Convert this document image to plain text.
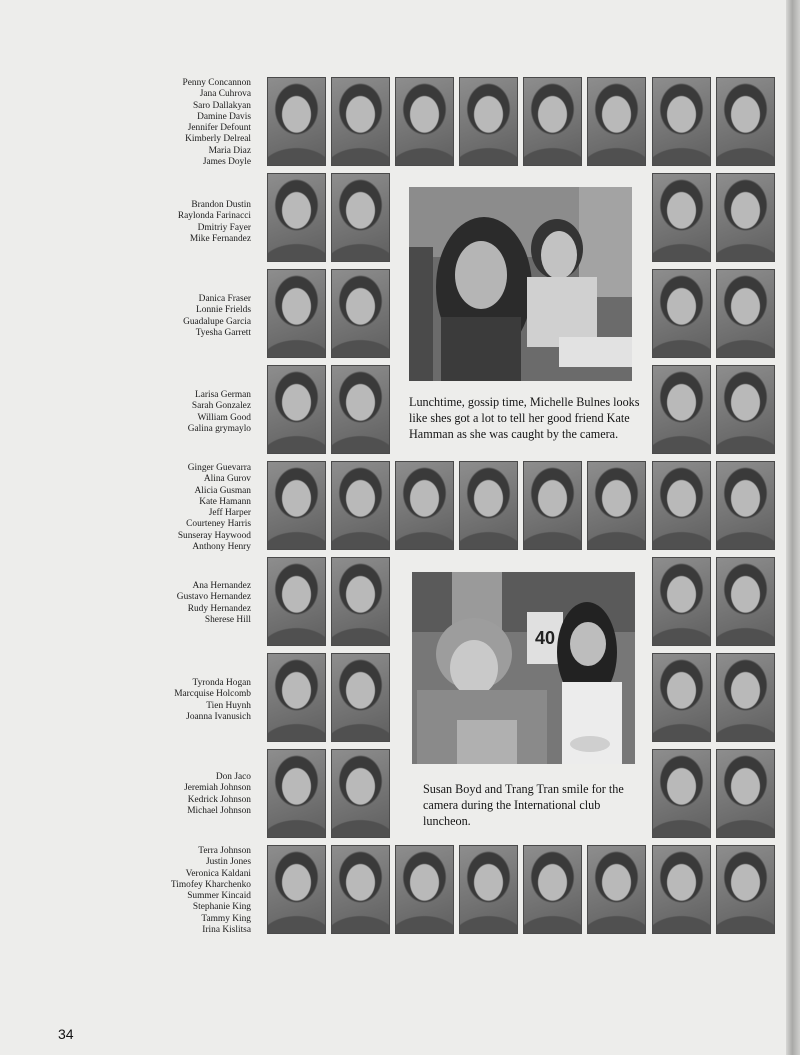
Penny Concannon
Jana Cuhrova
Saro Dallakyan
Damine Davis
Jennifer Defount
Kimberly Delreal
Maria Diaz
James Doyle
Brandon Dustin
Raylonda Farinacci
Dmitriy Fayer
Mike Fernandez
Danica Fraser
Lonnie Frields
Guadalupe Garcia
Tyesha Garrett
Larisa German
Sarah Gonzalez
William Good
Galina grymaylo
Ginger Guevarra
Alina Gurov
Alicia Gusman
Kate Hamann
Jeff Harper
Courteney Harris
Sunseray Haywood
Anthony Henry
Ana Hernandez
Gustavo Hernandez
Rudy Hernandez
Sherese Hill
Tyronda Hogan
Marcquise Holcomb
Tien Huynh
Joanna Ivanusich
Don Jaco
Jeremiah Johnson
Kedrick Johnson
Michael Johnson
Terra Johnson
Justin Jones
Veronica Kaldani
Timofey Kharchenko
Summer Kincaid
Stephanie King
Tammy King
Irina Kislitsa
Lunchtime, gossip time, Michelle Bulnes looks like shes got a lot to tell her good friend Kate Hamman as she was caught by the camera.
40
Susan Boyd and Trang Tran smile for the camera during the International club luncheon.
34
